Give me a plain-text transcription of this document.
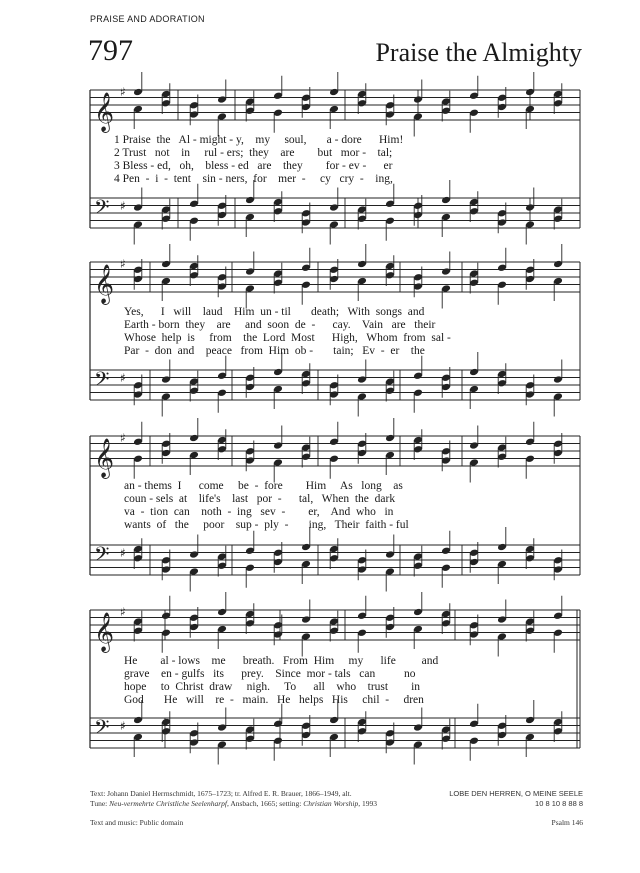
PRAISE AND ADORATION
797	Praise the Almighty
𝄞 ♯
𝄢 ♯
𝄞 ♯
𝄢 ♯
𝄞 ♯
𝄢 ♯
𝄞 ♯
𝄢 ♯
1 Praise  the   Al - might - y,    my     soul,       a - dore      Him!
2 Trust   not    in     rul - ers;  they    are        but   mor -    tal;
3 Bless - ed,   oh,    bless - ed   are    they        for - ev -      er
4 Pen  -  i  -  tent    sin - ners,  for    mer  -     cy   cry  -    ing,
Yes,      I   will    laud    Him  un - til       death;   With  songs  and
Earth - born  they    are     and  soon  de  -      cay.    Vain   are   their
Whose  help  is     from    the  Lord  Most      High,   Whom  from  sal -
Par  -  don  and    peace   from  Him  ob -       tain;   Ev  -  er    the
an - thems  I      come     be  -  fore        Him     As   long    as
coun - sels  at    life's    last   por  -      tal,   When  the  dark
va  -  tion  can    noth  -  ing   sev  -        er,    And  who   in
wants  of   the     poor    sup -  ply  -       ing,   Their  faith - ful
He        al - lows    me      breath.   From  Him     my      life         and
grave    en - gulfs   its      prey.    Since  mor - tals   can          no
hope     to  Christ  draw     nigh.     To      all    who    trust        in
God       He   will    re  -   main.   He   helps   His     chil  -     dren
Text: Johann Daniel Herrnschmidt, 1675–1723; tr. Alfred E. R. Brauer, 1866–1949, alt.
Tune: Neu-vermehrte Christliche Seelenharpf, Ansbach, 1665; setting: Christian Worship, 1993
LOBE DEN HERREN, O MEINE SEELE
10 8 10 8 88 8
Text and music: Public domain	Psalm 146
